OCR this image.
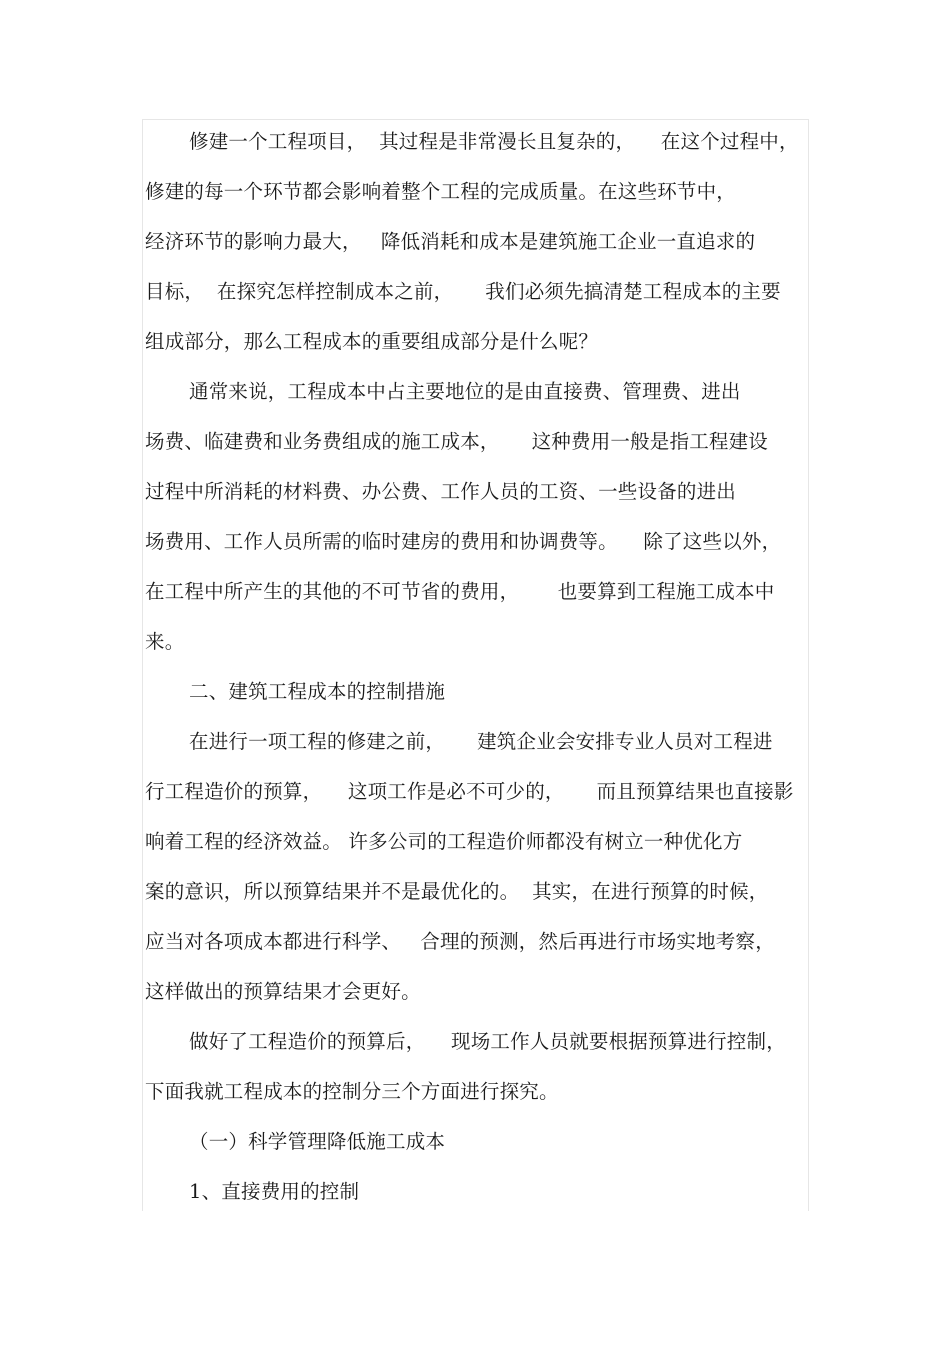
修建一个工程项目，  其过程是非常漫长且复杂的，    在这个过程中，
修建的每一个环节都会影响着整个工程的完成质量。在这些环节中，
经济环节的影响力最大，   降低消耗和成本是建筑施工企业一直追求的
目标，  在探究怎样控制成本之前，     我们必须先搞清楚工程成本的主要
组成部分，那么工程成本的重要组成部分是什么呢？
通常来说，工程成本中占主要地位的是由直接费、管理费、进出
场费、临建费和业务费组成的施工成本，     这种费用一般是指工程建设
过程中所消耗的材料费、办公费、工作人员的工资、一些设备的进出
场费用、工作人员所需的临时建房的费用和协调费等。    除了这些以外，
在工程中所产生的其他的不可节省的费用，      也要算到工程施工成本中
来。
二、建筑工程成本的控制措施
在进行一项工程的修建之前，     建筑企业会安排专业人员对工程进
行工程造价的预算，    这项工作是必不可少的，     而且预算结果也直接影
响着工程的经济效益。 许多公司的工程造价师都没有树立一种优化方
案的意识，所以预算结果并不是最优化的。  其实，在进行预算的时候，
应当对各项成本都进行科学、   合理的预测，然后再进行市场实地考察，
这样做出的预算结果才会更好。
做好了工程造价的预算后，    现场工作人员就要根据预算进行控制，
下面我就工程成本的控制分三个方面进行探究。
（一）科学管理降低施工成本
1、直接费用的控制
